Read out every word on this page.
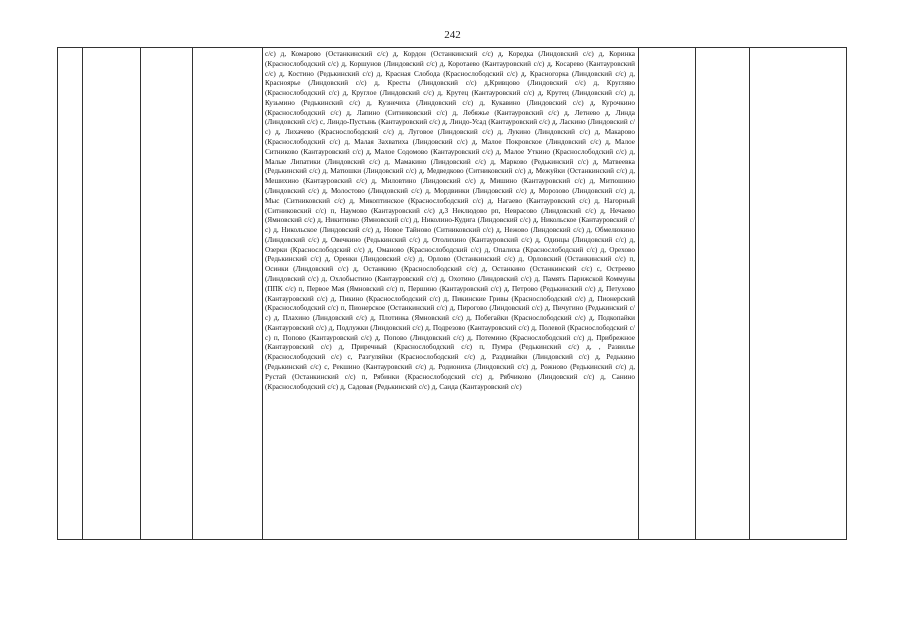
242
с/с) д, Комарово (Останкинский с/с) д, Кордон (Останкинский с/с) д, Коредка (Линдовский с/с) д, Коринка (Краснослободский с/с) д, Коршунов (Линдовский с/с) д, Коротаево (Кантауровский с/с) д, Косарево (Кантауровский с/с) д, Костино (Редькинский с/с) д, Красная Слобода (Краснослободский с/с) д, Красногорка (Линдовский с/с) д, Красноярье (Линдовский с/с) д, Кресты (Линдовский с/с) д,Кривцово (Линдовский с/с) д, Кругляво (Краснослободский с/с) д, Круглое (Линдовский с/с) д, Крутец (Кантауровский с/с) д, Крутец (Линдовский с/с) д, Кузьмино (Редькинский с/с) д, Кузнечиха (Линдовский с/с) д, Кукавино (Линдовский с/с) д, Курочкино (Краснослободский с/с) д, Лапино (Ситниковский с/с) д, Лебяжье (Кантауровский с/с) д, Летнево д, Линда (Линдовский с/с) с, Линдо-Пустынь (Кантауровский с/с) д, Линдо-Усад (Кантауровский с/с) д, Ласкино (Линдовский с/с) д, Лихачево (Краснослободский с/с) д, Луговое (Линдовский с/с) д, Лукино (Линдовский с/с) д, Макарово (Краснослободский с/с) д, Малая Захватиха (Линдовский с/с) д, Малое Покровское (Линдовский с/с) д, Малое Ситниково (Кантауровский с/с) д, Малое Содомово (Кантауровский с/с) д, Малое Уткино (Краснослободский с/с) д, Малые Липатики (Линдовский с/с) д, Мамакино (Линдовский с/с) д, Марково (Редькинский с/с) д, Матвеевка (Редькинский с/с) д, Матюшки (Линдовский с/с) д, Медведково (Ситниковский с/с) д, Межуйки (Останкинский с/с) д, Мешихино (Кантауровский с/с) д, Миловтино (Линдовский с/с) д, Мишино (Кантауровский с/с) д, Митюшино (Линдовский с/с) д, Молостово (Линдовский с/с) д, Мордвинки (Линдовский с/с) д, Морозово (Линдовский с/с) д, Мыс (Ситниковский с/с) д, Микоптинское (Краснослободский с/с) д, Нагаево (Кантауровский с/с) д, Нагорный (Ситниковский с/с) п, Наумово (Кантауровский с/с) д,З Неклюдово рп, Неврасово (Линдовский с/с) д, Нечаево (Ямновский с/с) д, Никитинко (Ямновский с/с) д, Николино-Кудига (Линдовский с/с) д, Никольское (Кантауровский с/с) д, Никольское (Линдовский с/с) д, Новое Тайново (Ситниковский с/с) д, Нежово (Линдовский с/с) д, Обмелюкино (Линдовский с/с) д, Овечкино (Редькинский с/с) д, Отолихино (Кантауровский с/с) д, Одинцы (Линдовский с/с) д, Озерки (Краснослободский с/с) д, Оманово (Краснослободский с/с) д, Опалиха (Краснослободский с/с) д, Орехово (Редькинский с/с) д, Оренки (Линдовский с/с) д, Орлово (Останкинский с/с) д, Орловский (Останкинский с/с) п, Осинки (Линдовский с/с) д, Останкино (Краснослободский с/с) д, Останкино (Останкинский с/с) с, Остреево (Линдовский с/с) д, Охлобыстино (Кантауровский с/с) д, Охотино (Линдовский с/с) д, Память Парижской Коммуны (ППК с/с) п, Первое Мая (Ямновский с/с) п, Першино (Кантауровский с/с) д, Петрово (Редькинский с/с) д, Петухово (Кантауровский с/с) д, Пикино (Краснослободский с/с) д, Пикинские Гривы (Краснослободский с/с) д, Пионерский (Краснослободский с/с) п, Пионерское (Останкинский с/с) д, Пирогово (Линдовский с/с) д, Пичугино (Редькинский с/с) д, Плахино (Линдовский с/с) д, Плотинка (Ямновский с/с) д, Побегайки (Краснослободский с/с) д, Подкопайки (Кантауровский с/с) д, Подлужки (Линдовский с/с) д, Подрезово (Кантауровский с/с) д, Полевой (Краснослободский с/с) п, Попово (Кантауровский с/с) д, Попово (Линдовский с/с) д, Потемино (Краснослободский с/с) д, Прибрежное (Кантауровский с/с) д, Приречный (Краснослободский с/с) п, Пумра (Редькинский с/с) д, , Развилье (Краснослободский с/с) с, Разгуляйки (Краснослободский с/с) д, Раздвиайки (Линдовский с/с) д, Редькино (Редькинский с/с) с, Рекшино (Кантауровский с/с) д, Родиониха (Линдовский с/с) д, Рожново (Редькинский с/с) д, Рустай (Останкинский с/с) п, Рябинки (Краснослободский с/с) д, Рябчиково (Линдовский с/с) д, Санино (Краснослободский с/с) д, Садовая (Редькинский с/с) д, Саида (Кантауровский с/с)
